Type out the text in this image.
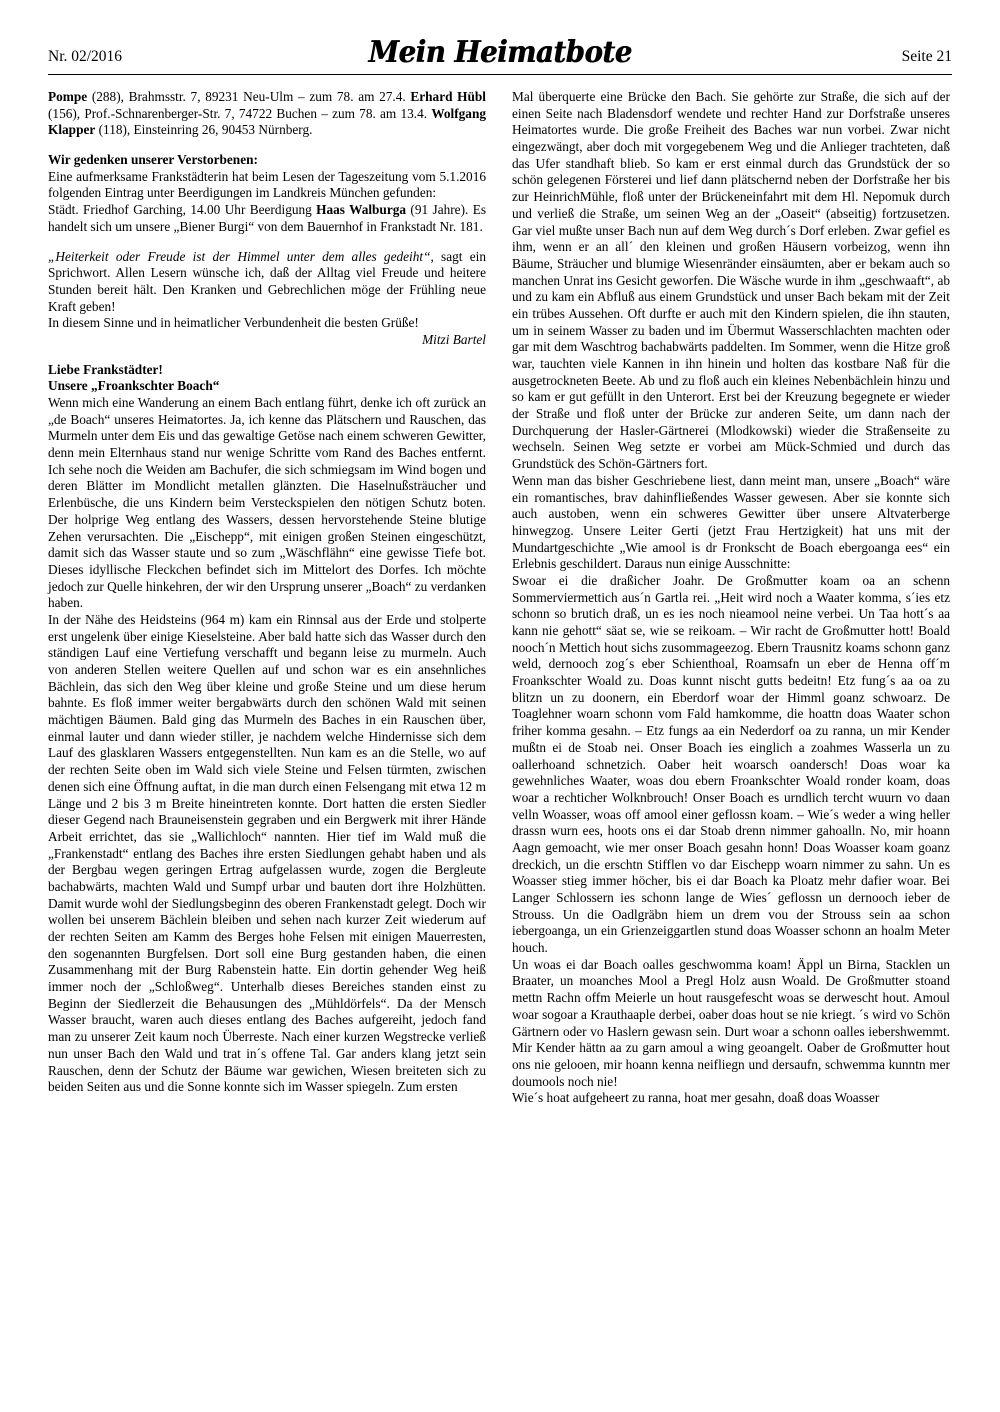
Nr. 02/2016	Mein Heimatbote	Seite 21

Pompe (288), Brahmsstr. 7, 89231 Neu-Ulm – zum 78. am 27.4. Erhard Hübl (156), Prof.-Schnarenberger-Str. 7, 74722 Buchen – zum 78. am 13.4. Wolfgang Klapper (118), Einsteinring 26, 90453 Nürnberg.

Wir gedenken unserer Verstorbenen:

Eine aufmerksame Frankstädterin hat beim Lesen der Tageszeitung vom 5.1.2016 folgenden Eintrag unter Beerdigungen im Landkreis München gefunden:

Städt. Friedhof Garching, 14.00 Uhr Beerdigung Haas Walburga (91 Jahre). Es handelt sich um unsere „Biener Burgi“ von dem Bauernhof in Frankstadt Nr. 181.

„Heiterkeit oder Freude ist der Himmel unter dem alles gedeiht“, sagt ein Sprichwort. Allen Lesern wünsche ich, daß der Alltag viel Freude und heitere Stunden bereit hält. Den Kranken und Gebrechlichen möge der Frühling neue Kraft geben!

In diesem Sinne und in heimatlicher Verbundenheit die besten Grüße!

Mitzi Bartel

Liebe Frankstädter!

Unsere „Froankschter Boach“

Wenn mich eine Wanderung an einem Bach entlang führt, denke ich oft zurück an „de Boach“ unseres Heimatortes. Ja, ich kenne das Plätschern und Rauschen, das Murmeln unter dem Eis und das gewaltige Getöse nach einem schweren Gewitter, denn mein Elternhaus stand nur wenige Schritte vom Rand des Baches entfernt. Ich sehe noch die Weiden am Bachufer, die sich schmiegsam im Wind bogen und deren Blätter im Mondlicht metallen glänzten. Die Haselnußsträucher und Erlenbüsche, die uns Kindern beim Versteckspielen den nötigen Schutz boten. Der holprige Weg entlang des Wassers, dessen hervorstehende Steine blutige Zehen verursachten. Die „Eischepp“, mit einigen großen Steinen eingeschützt, damit sich das Wasser staute und so zum „Wäschflähn“ eine gewisse Tiefe bot. Dieses idyllische Fleckchen befindet sich im Mittelort des Dorfes. Ich möchte jedoch zur Quelle hinkehren, der wir den Ursprung unserer „Boach“ zu verdanken haben.

In der Nähe des Heidsteins (964 m) kam ein Rinnsal aus der Erde und stolperte erst ungelenk über einige Kieselsteine. Aber bald hatte sich das Wasser durch den ständigen Lauf eine Vertiefung verschafft und begann leise zu murmeln. Auch von anderen Stellen weitere Quellen auf und schon war es ein ansehnliches Bächlein, das sich den Weg über kleine und große Steine und um diese herum bahnte. Es floß immer weiter bergabwärts durch den schönen Wald mit seinen mächtigen Bäumen. Bald ging das Murmeln des Baches in ein Rauschen über, einmal lauter und dann wieder stiller, je nachdem welche Hindernisse sich dem Lauf des glasklaren Wassers entgegenstellten. Nun kam es an die Stelle, wo auf der rechten Seite oben im Wald sich viele Steine und Felsen türmten, zwischen denen sich eine Öffnung auftat, in die man durch einen Felsengang mit etwa 12 m Länge und 2 bis 3 m Breite hineintreten konnte. Dort hatten die ersten Siedler dieser Gegend nach Brauneisenstein gegraben und ein Bergwerk mit ihrer Hände Arbeit errichtet, das sie „Wallichloch“ nannten. Hier tief im Wald muß die „Frankenstadt“ entlang des Baches ihre ersten Siedlungen gehabt haben und als der Bergbau wegen geringen Ertrag aufgelassen wurde, zogen die Bergleute bachabwärts, machten Wald und Sumpf urbar und bauten dort ihre Holzhütten. Damit wurde wohl der Siedlungsbeginn des oberen Frankenstadt gelegt. Doch wir wollen bei unserem Bächlein bleiben und sehen nach kurzer Zeit wiederum auf der rechten Seiten am Kamm des Berges hohe Felsen mit einigen Mauerresten, den sogenannten Burgfelsen. Dort soll eine Burg gestanden haben, die einen Zusammenhang mit der Burg Rabenstein hatte. Ein dortin gehender Weg heiß immer noch der „Schloßweg“. Unterhalb dieses Bereiches standen einst zu Beginn der Siedlerzeit die Behausungen des „Mühldörfels“. Da der Mensch Wasser braucht, waren auch dieses entlang des Baches aufgereiht, jedoch fand man zu unserer Zeit kaum noch Überreste. Nach einer kurzen Wegstrecke verließ nun unser Bach den Wald und trat in´s offene Tal. Gar anders klang jetzt sein Rauschen, denn der Schutz der Bäume war gewichen, Wiesen breiteten sich zu beiden Seiten aus und die Sonne konnte sich im Wasser spiegeln. Zum ersten

Mal überquerte eine Brücke den Bach. Sie gehörte zur Straße, die sich auf der einen Seite nach Bladensdorf wendete und rechter Hand zur Dorfstraße unseres Heimatortes wurde. Die große Freiheit des Baches war nun vorbei. Zwar nicht eingezwängt, aber doch mit vorgegebenem Weg und die Anlieger trachteten, daß das Ufer standhaft blieb. So kam er erst einmal durch das Grundstück der so schön gelegenen Försterei und lief dann plätschernd neben der Dorfstraße her bis zur HeinrichMühle, floß unter der Brückeneinfahrt mit dem Hl. Nepomuk durch und verließ die Straße, um seinen Weg an der „Oaseit“ (abseitig) fortzusetzen. Gar viel mußte unser Bach nun auf dem Weg durch´s Dorf erleben. Zwar gefiel es ihm, wenn er an all´ den kleinen und großen Häusern vorbeizog, wenn ihn Bäume, Sträucher und blumige Wiesenränder einsäumten, aber er bekam auch so manchen Unrat ins Gesicht geworfen. Die Wäsche wurde in ihm „geschwaaft“, ab und zu kam ein Abfluß aus einem Grundstück und unser Bach bekam mit der Zeit ein trübes Aussehen. Oft durfte er auch mit den Kindern spielen, die ihn stauten, um in seinem Wasser zu baden und im Übermut Wasserschlachten machten oder gar mit dem Waschtrog bachabwärts paddelten. Im Sommer, wenn die Hitze groß war, tauchten viele Kannen in ihn hinein und holten das kostbare Naß für die ausgetrockneten Beete. Ab und zu floß auch ein kleines Nebenbächlein hinzu und so kam er gut gefüllt in den Unterort. Erst bei der Kreuzung begegnete er wieder der Straße und floß unter der Brücke zur anderen Seite, um dann nach der Durchquerung der Hasler-Gärtnerei (Mlodkowski) wieder die Straßenseite zu wechseln. Seinen Weg setzte er vorbei am Mück-Schmied und durch das Grundstück des Schön-Gärtners fort.

Wenn man das bisher Geschriebene liest, dann meint man, unsere „Boach“ wäre ein romantisches, brav dahinfließendes Wasser gewesen. Aber sie konnte sich auch austoben, wenn ein schweres Gewitter über unsere Altvaterberge hinwegzog. Unsere Leiter Gerti (jetzt Frau Hertzigkeit) hat uns mit der Mundartgeschichte „Wie amool is dr Fronkscht de Boach ebergoanga ees“ ein Erlebnis geschildert. Daraus nun einige Ausschnitte:

Swoar ei die draßicher Joahr. De Großmutter koam oa an schenn Sommerviermettich aus´n Gartla rei. „Heit wird noch a Waater komma, s´ies etz schonn so brutich draß, un es ies noch nieamool neine verbei. Un Taa hott´s aa kann nie gehott“ säat se, wie se reikoam. – Wir racht de Großmutter hott! Boald nooch´n Mettich hout sichs zusommageezog. Ebern Trausnitz koams schonn ganz weld, dernooch zog´s eber Schienthoal, Roamsafn un eber de Henna off´m Froankschter Woald zu. Doas kunnt nischt gutts bedeitn! Etz fung´s aa oa zu blitzn un zu doonern, ein Eberdorf woar der Himml goanz schwoarz. De Toaglehner woarn schonn vom Fald hamkomme, die hoattn doas Waater schon friher komma gesahn. – Etz fungs aa ein Nederdorf oa zu ranna, un mir Kender mußtn ei de Stoab nei. Onser Boach ies einglich a zoahmes Wasserla un zu oallerhoand schnetzich. Oaber heit woarsch oandersch! Doas woar ka gewehnliches Waater, woas dou ebern Froankschter Woald ronder koam, doas woar a rechticher Wolknbrouch! Onser Boach es urndlich tercht wuurn vo daan velln Woasser, woas off amool einer geflossn koam. – Wie´s weder a wing heller drassn wurn ees, hoots ons ei dar Stoab drenn nimmer gahoalln. No, mir hoann Aagn gemoacht, wie mer onser Boach gesahn honn! Doas Woasser koam goanz dreckich, un die erschtn Stifflen vo dar Eischepp woarn nimmer zu sahn. Un es Woasser stieg immer höcher, bis ei dar Boach ka Ploatz mehr dafier woar. Bei Langer Schlossern ies schonn lange de Wies´ geflossn un dernooch ieber de Strouss. Un die Oadlgräbn hiem un drem vou der Strouss sein aa schon iebergoanga, un ein Grienzeiggartlen stund doas Woasser schonn an hoalm Meter houch.

Un woas ei dar Boach oalles geschwomma koam! Äppl un Birna, Stacklen un Braater, un moanches Mool a Pregl Holz ausn Woald. De Großmutter stoand mettn Rachn offm Meierle un hout rausgefescht woas se derwescht hout. Amoul woar sogoar a Krauthaaple derbei, oaber doas hout se nie kriegt. ´s wird vo Schön Gärtnern oder vo Haslern gewasn sein. Durt woar a schonn oalles iebershwemmt. Mir Kender hättn aa zu garn amoul a wing geoangelt. Oaber de Großmutter hout ons nie gelooen, mir hoann kenna neifliegn und dersaufn, schwemma kunntn mer doumools noch nie!

Wie´s hoat aufgeheert zu ranna, hoat mer gesahn, doaß doas Woasser
